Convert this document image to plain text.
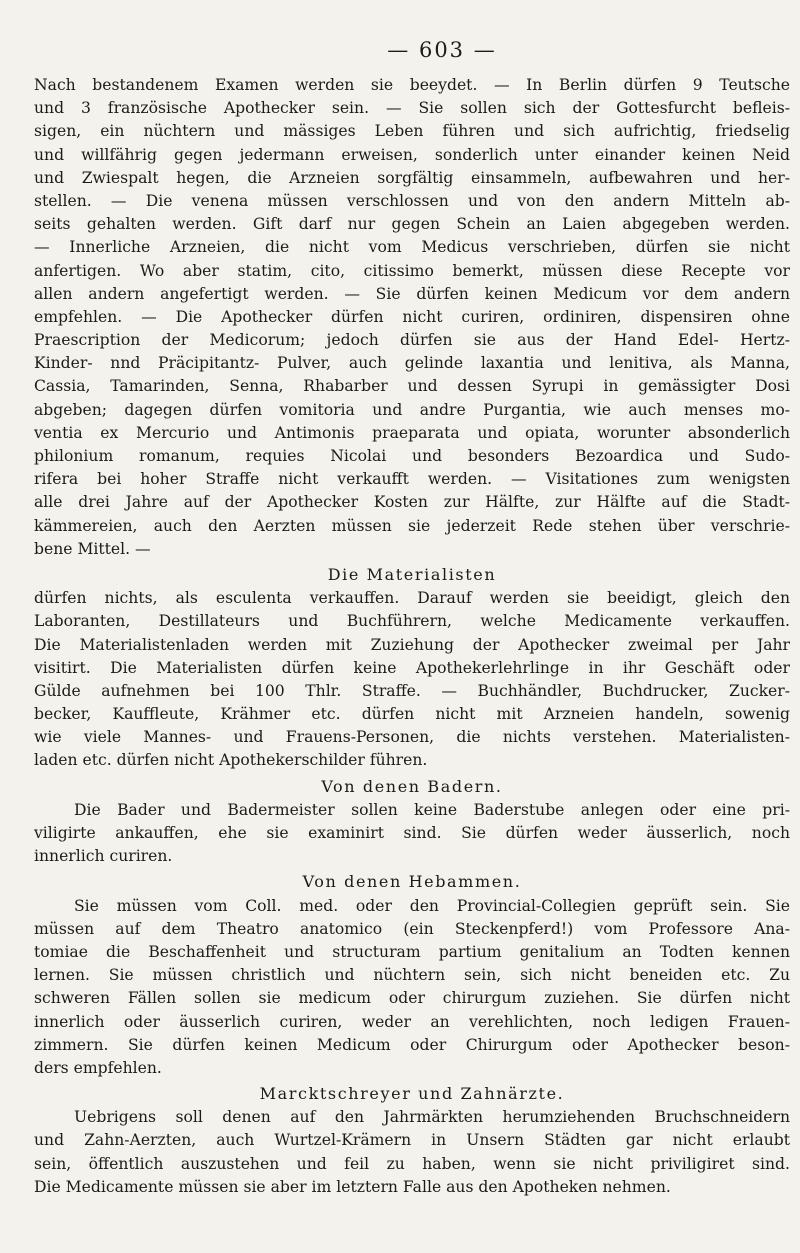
— 603 —
Nach bestandenem Examen werden sie beeydet. — In Berlin dürfen 9 Teutsche
und 3 französische Apothecker sein. — Sie sollen sich der Gottesfurcht befleis-
sigen, ein nüchtern und mässiges Leben führen und sich aufrichtig, friedselig
und willfährig gegen jedermann erweisen, sonderlich unter einander keinen Neid
und Zwiespalt hegen, die Arzneien sorgfältig einsammeln, aufbewahren und her-
stellen. — Die venena müssen verschlossen und von den andern Mitteln ab-
seits gehalten werden. Gift darf nur gegen Schein an Laien abgegeben werden.
— Innerliche Arzneien, die nicht vom Medicus verschrieben, dürfen sie nicht
anfertigen. Wo aber statim, cito, citissimo bemerkt, müssen diese Recepte vor
allen andern angefertigt werden. — Sie dürfen keinen Medicum vor dem andern
empfehlen. — Die Apothecker dürfen nicht curiren, ordiniren, dispensiren ohne
Praescription der Medicorum; jedoch dürfen sie aus der Hand Edel- Hertz-
Kinder- nnd Präcipitantz- Pulver, auch gelinde laxantia und lenitiva, als Manna,
Cassia, Tamarinden, Senna, Rhabarber und dessen Syrupi in gemässigter Dosi
abgeben; dagegen dürfen vomitoria und andre Purgantia, wie auch menses mo-
ventia ex Mercurio und Antimonis praeparata und opiata, worunter absonderlich
philonium romanum, requies Nicolai und besonders Bezoardica und Sudo-
rifera bei hoher Straffe nicht verkaufft werden. — Visitationes zum wenigsten
alle drei Jahre auf der Apothecker Kosten zur Hälfte, zur Hälfte auf die Stadt-
kämmereien, auch den Aerzten müssen sie jederzeit Rede stehen über verschrie-
bene Mittel. —
Die Materialisten
dürfen nichts, als esculenta verkauffen. Darauf werden sie beeidigt, gleich den
Laboranten, Destillateurs und Buchführern, welche Medicamente verkauffen.
Die Materialistenladen werden mit Zuziehung der Apothecker zweimal per Jahr
visitirt. Die Materialisten dürfen keine Apothekerlehrlinge in ihr Geschäft oder
Gülde aufnehmen bei 100 Thlr. Straffe. — Buchhändler, Buchdrucker, Zucker-
becker, Kauffleute, Krähmer etc. dürfen nicht mit Arzneien handeln, sowenig
wie viele Mannes- und Frauens-Personen, die nichts verstehen. Materialisten-
laden etc. dürfen nicht Apothekerschilder führen.
Von denen Badern.
Die Bader und Badermeister sollen keine Baderstube anlegen oder eine pri-
viligirte ankauffen, ehe sie examinirt sind. Sie dürfen weder äusserlich, noch
innerlich curiren.
Von denen Hebammen.
Sie müssen vom Coll. med. oder den Provincial-Collegien geprüft sein. Sie
müssen auf dem Theatro anatomico (ein Steckenpferd!) vom Professore Ana-
tomiae die Beschaffenheit und structuram partium genitalium an Todten kennen
lernen. Sie müssen christlich und nüchtern sein, sich nicht beneiden etc. Zu
schweren Fällen sollen sie medicum oder chirurgum zuziehen. Sie dürfen nicht
innerlich oder äusserlich curiren, weder an verehlichten, noch ledigen Frauen-
zimmern. Sie dürfen keinen Medicum oder Chirurgum oder Apothecker beson-
ders empfehlen.
Marcktschreyer und Zahnärzte.
Uebrigens soll denen auf den Jahrmärkten herumziehenden Bruchschneidern
und Zahn-Aerzten, auch Wurtzel-Krämern in Unsern Städten gar nicht erlaubt
sein, öffentlich auszustehen und feil zu haben, wenn sie nicht priviligiret sind.
Die Medicamente müssen sie aber im letztern Falle aus den Apotheken nehmen.
